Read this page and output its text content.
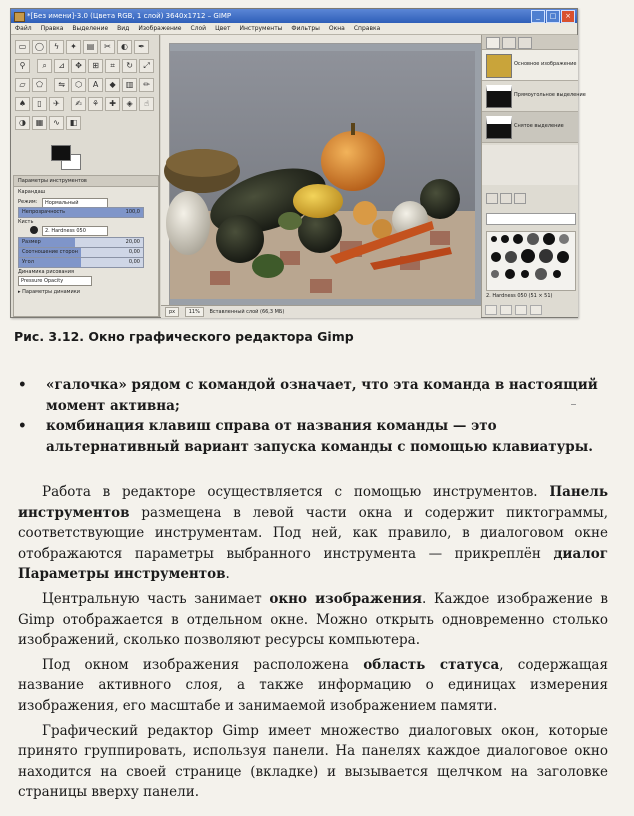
*[Без имени]-3.0 (Цвета RGB, 1 слой) 3640x1712 – GIMP	_ □ ×
Файл Правка Выделение Вид Изображение Слой Цвет Инструменты Фильтры Окна Справка
▭ ◯ ϟ ✦ ▤ ✂ ◐ ✒⚲ ⌕ ⊿ ✥ ⊞ ⌗ ↻ ⤢▱ ⬠ ⇋ ⬡ A ◆ ▥ ✏♠ ▯ ✈ ✍ ⚘ ✚ ◈ ☝◑ ▦ ∿ ◧
Параметры инструментов
Карандаш
Режим:	Нормальный
Непрозрачность	100,0
Кисть
2. Hardness 050
Размер	20,00
Соотношение сторон	0,00
Угол	0,00
Динамика рисования
Pressure Opacity
▸ Параметры динамики
px	11% Вставленный слой (66,3 МБ)
Основное изображение
Прямоугольное выделение
Снятое выделение
2. Hardness 050 (51 × 51)
Рис. 3.12. Окно графического редактора Gimp
• «галочка» рядом с командой означает, что эта команда в настоящий момент активна;
• комбинация клавиш справа от названия команды — это альтернативный вариант запуска команды с помощью клавиатуры.

Работа в редакторе осуществляется с помощью инструментов. Панель инструментов размещена в левой части окна и содержит пиктограммы, соответствующие инструментам. Под ней, как правило, в диалоговом окне отображаются параметры выбранного инструмента — прикреплён диалог Параметры инструментов.

Центральную часть занимает окно изображения. Каждое изображение в Gimp отображается в отдельном окне. Можно открыть одновременно столько изображений, сколько позволяют ресурсы компьютера.

Под окном изображения расположена область статуса, содержащая название активного слоя, а также информацию о единицах измерения изображения, его масштабе и занимаемой изображением памяти.

Графический редактор Gimp имеет множество диалоговых окон, которые принято группировать, используя панели. На панелях каждое диалоговое окно находится на своей странице (вкладке) и вызывается щелчком на заголовке страницы вверху панели.
